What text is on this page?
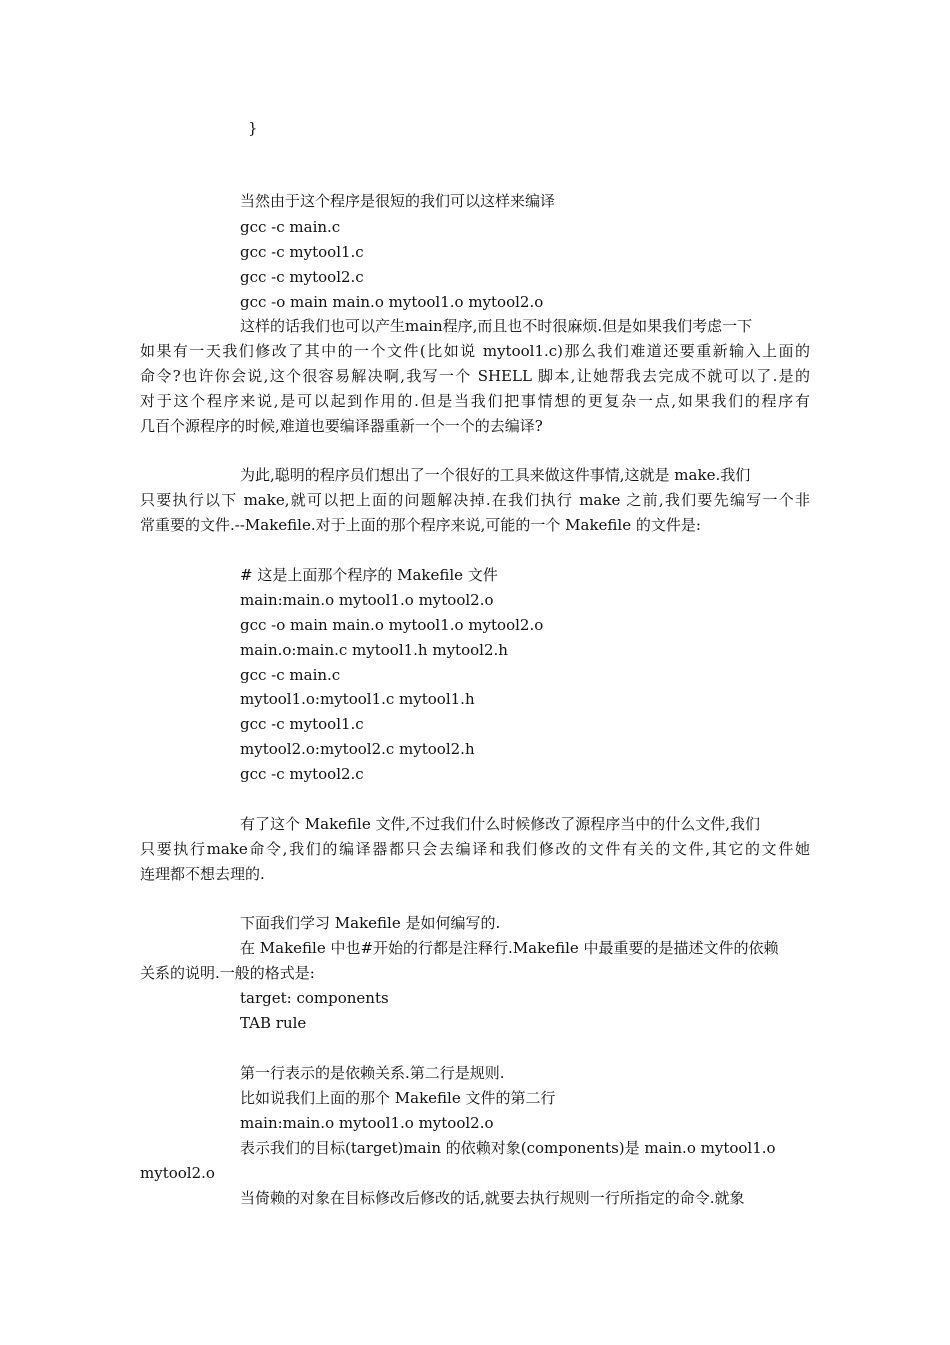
}
当然由于这个程序是很短的我们可以这样来编译
gcc -c main.c
gcc -c mytool1.c
gcc -c mytool2.c
gcc -o main main.o mytool1.o mytool2.o
这样的话我们也可以产生main程序,而且也不时很麻烦.但是如果我们考虑一下
如果有一天我们修改了其中的一个文件(比如说 mytool1.c)那么我们难道还要重新输入上面的
命令?也许你会说,这个很容易解决啊,我写一个 SHELL 脚本,让她帮我去完成不就可以了.是的
对于这个程序来说,是可以起到作用的.但是当我们把事情想的更复杂一点,如果我们的程序有
几百个源程序的时候,难道也要编译器重新一个一个的去编译?
为此,聪明的程序员们想出了一个很好的工具来做这件事情,这就是 make.我们
只要执行以下 make,就可以把上面的问题解决掉.在我们执行 make 之前,我们要先编写一个非
常重要的文件.--Makefile.对于上面的那个程序来说,可能的一个 Makefile 的文件是:
# 这是上面那个程序的 Makefile 文件
main:main.o mytool1.o mytool2.o
gcc -o main main.o mytool1.o mytool2.o
main.o:main.c mytool1.h mytool2.h
gcc -c main.c
mytool1.o:mytool1.c mytool1.h
gcc -c mytool1.c
mytool2.o:mytool2.c mytool2.h
gcc -c mytool2.c
有了这个 Makefile 文件,不过我们什么时候修改了源程序当中的什么文件,我们
只要执行make命令,我们的编译器都只会去编译和我们修改的文件有关的文件,其它的文件她
连理都不想去理的.
下面我们学习 Makefile 是如何编写的.
在 Makefile 中也#开始的行都是注释行.Makefile 中最重要的是描述文件的依赖
关系的说明.一般的格式是:
target: components
TAB rule
第一行表示的是依赖关系.第二行是规则.
比如说我们上面的那个 Makefile 文件的第二行
main:main.o mytool1.o mytool2.o
表示我们的目标(target)main 的依赖对象(components)是 main.o mytool1.o
mytool2.o
当倚赖的对象在目标修改后修改的话,就要去执行规则一行所指定的命令.就象
